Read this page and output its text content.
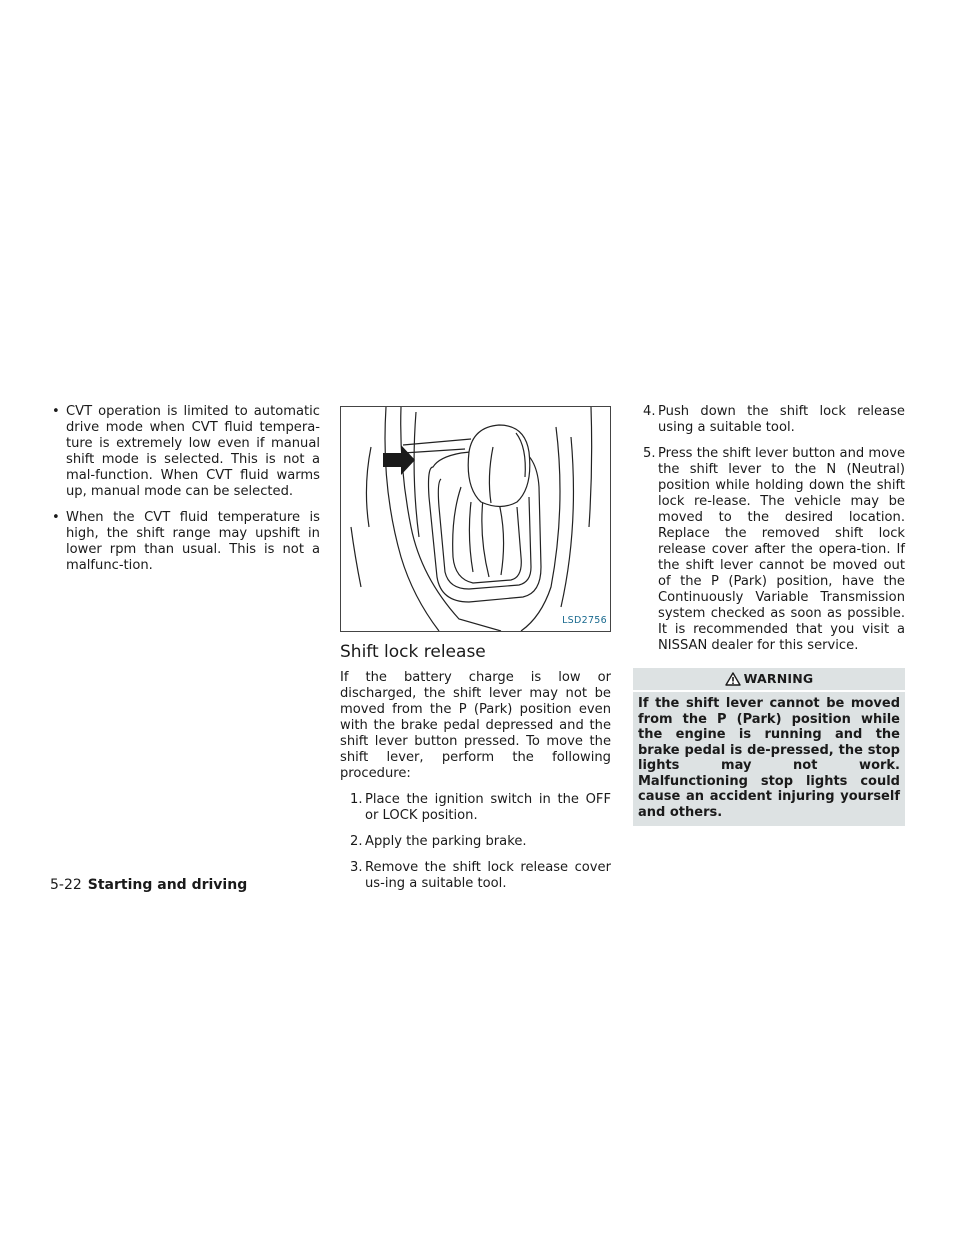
• CVT operation is limited to automatic drive mode when CVT fluid tempera-ture is extremely low even if manual shift mode is selected. This is not a mal-function. When CVT fluid warms up, manual mode can be selected.
• When the CVT fluid temperature is high, the shift range may upshift in lower rpm than usual. This is not a malfunc-tion.
LSD2756
Shift lock release
If the battery charge is low or discharged, the shift lever may not be moved from the P (Park) position even with the brake pedal depressed and the shift lever button pressed. To move the shift lever, perform the following procedure:
1. Place the ignition switch in the OFF or LOCK position.
2. Apply the parking brake.
3. Remove the shift lock release cover us-ing a suitable tool.
4. Push down the shift lock release using a suitable tool.
5. Press the shift lever button and move the shift lever to the N (Neutral) position while holding down the shift lock re-lease. The vehicle may be moved to the desired location. Replace the removed shift lock release cover after the opera-tion. If the shift lever cannot be moved out of the P (Park) position, have the Continuously Variable Transmission system checked as soon as possible. It is recommended that you visit a NISSAN dealer for this service.
WARNING
If the shift lever cannot be moved from the P (Park) position while the engine is running and the brake pedal is de-pressed, the stop lights may not work. Malfunctioning stop lights could cause an accident injuring yourself and others.
5-22 Starting and driving
